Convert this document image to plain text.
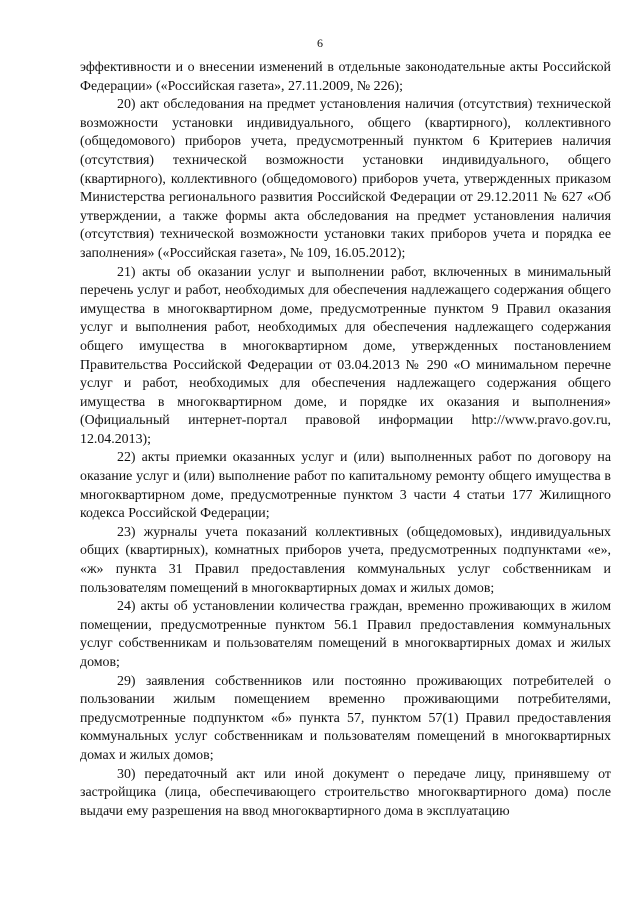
6

эффективности и о внесении изменений в отдельные законодательные акты Российской Федерации» («Российская газета», 27.11.2009, № 226);

20) акт обследования на предмет установления наличия (отсутствия) технической возможности установки индивидуального, общего (квартирного), коллективного (общедомового) приборов учета, предусмотренный пунктом 6 Критериев наличия (отсутствия) технической возможности установки индивидуального, общего (квартирного), коллективного (общедомового) приборов учета, утвержденных приказом Министерства регионального развития Российской Федерации от 29.12.2011 № 627 «Об утверждении, а также формы акта обследования на предмет установления наличия (отсутствия) технической возможности установки таких приборов учета и порядка ее заполнения» («Российская газета», № 109, 16.05.2012);

21) акты об оказании услуг и выполнении работ, включенных в минимальный перечень услуг и работ, необходимых для обеспечения надлежащего содержания общего имущества в многоквартирном доме, предусмотренные пунктом 9 Правил оказания услуг и выполнения работ, необходимых для обеспечения надлежащего содержания общего имущества в многоквартирном доме, утвержденных постановлением Правительства Российской Федерации от 03.04.2013 № 290 «О минимальном перечне услуг и работ, необходимых для обеспечения надлежащего содержания общего имущества в многоквартирном доме, и порядке их оказания и выполнения» (Официальный интернет-портал правовой информации http://www.pravo.gov.ru, 12.04.2013);

22) акты приемки оказанных услуг и (или) выполненных работ по договору на оказание услуг и (или) выполнение работ по капитальному ремонту общего имущества в многоквартирном доме, предусмотренные пунктом 3 части 4 статьи 177 Жилищного кодекса Российской Федерации;

23) журналы учета показаний коллективных (общедомовых), индивидуальных общих (квартирных), комнатных приборов учета, предусмотренных подпунктами «е», «ж» пункта 31 Правил предоставления коммунальных услуг собственникам и пользователям помещений в многоквартирных домах и жилых домов;

24) акты об установлении количества граждан, временно проживающих в жилом помещении, предусмотренные пунктом 56.1 Правил предоставления коммунальных услуг собственникам и пользователям помещений в многоквартирных домах и жилых домов;

29) заявления собственников или постоянно проживающих потребителей о пользовании жилым помещением временно проживающими потребителями, предусмотренные подпунктом «б» пункта 57, пунктом 57(1) Правил предоставления коммунальных услуг собственникам и пользователям помещений в многоквартирных домах и жилых домов;

30) передаточный акт или иной документ о передаче лицу, принявшему от застройщика (лица, обеспечивающего строительство многоквартирного дома) после выдачи ему разрешения на ввод многоквартирного дома в эксплуатацию
